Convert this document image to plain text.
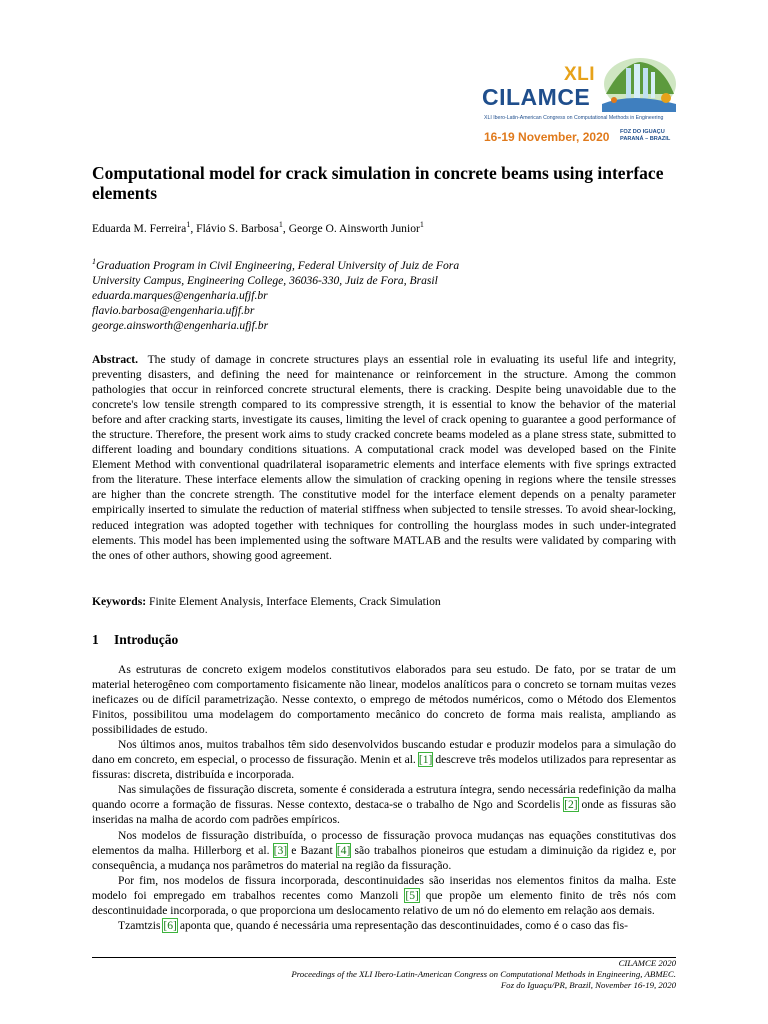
XLI
CILAMCE
XLI Ibero-Latin-American Congress on Computational Methods in Engineering
16-19 November, 2020 FOZ DO IGUAÇU
PARANÁ – BRAZIL
Computational model for crack simulation in concrete beams using interface elements
Eduarda M. Ferreira$^1$, Flávio S. Barbosa$^1$, George O. Ainsworth Junior$^1$
$^1$Graduation Program in Civil Engineering, Federal University of Juiz de Fora
University Campus, Engineering College, 36036-330, Juiz de Fora, Brasil
eduarda.marques@engenharia.ufjf.br
flavio.barbosa@engenharia.ufjf.br
george.ainsworth@engenharia.ufjf.br

Abstract. The study of damage in concrete structures plays an essential role in evaluating its useful life and integrity, preventing disasters, and defining the need for maintenance or reinforcement in the structure. Among the common pathologies that occur in reinforced concrete structural elements, there is cracking. Despite being unavoidable due to the concrete's low tensile strength compared to its compressive strength, it is essential to know the behavior of the material before and after cracking starts, investigate its causes, limiting the level of crack opening to guarantee a good performance of the structure. Therefore, the present work aims to study cracked concrete beams modeled as a plane stress state, submitted to different loading and boundary conditions situations. A computational crack model was developed based on the Finite Element Method with conventional quadrilateral isoparametric elements and interface elements with five springs extracted from the literature. These interface elements allow the simulation of cracking opening in regions where the tensile stresses are higher than the concrete strength. The constitutive model for the interface element depends on a penalty parameter empirically inserted to simulate the reduction of material stiffness when subjected to tensile stresses. To avoid shear-locking, reduced integration was adopted together with techniques for controlling the hourglass modes in such under-integrated elements. This model has been implemented using the software MATLAB and the results were validated by comparing with the ones of other authors, showing good agreement.

Keywords: Finite Element Analysis, Interface Elements, Crack Simulation
1 Introdução

As estruturas de concreto exigem modelos constitutivos elaborados para seu estudo. De fato, por se tratar de um material heterogêneo com comportamento fisicamente não linear, modelos analíticos para o concreto se tornam muitas vezes ineficazes ou de difícil parametrização. Nesse contexto, o emprego de métodos numéricos, como o Método dos Elementos Finitos, possibilitou uma modelagem do comportamento mecânico do concreto de forma mais realista, ampliando as possibilidades de estudo.

Nos últimos anos, muitos trabalhos têm sido desenvolvidos buscando estudar e produzir modelos para a simulação do dano em concreto, em especial, o processo de fissuração. Menin et al. [1] descreve três modelos utilizados para representar as fissuras: discreta, distribuída e incorporada.

Nas simulações de fissuração discreta, somente é considerada a estrutura íntegra, sendo necessária redefinição da malha quando ocorre a formação de fissuras. Nesse contexto, destaca-se o trabalho de Ngo and Scordelis [2] onde as fissuras são inseridas na malha de acordo com padrões empíricos.

Nos modelos de fissuração distribuída, o processo de fissuração provoca mudanças nas equações constitutivas dos elementos da malha. Hillerborg et al. [3] e Bazant [4] são trabalhos pioneiros que estudam a diminuição da rigidez e, por consequência, a mudança nos parâmetros do material na região da fissuração.

Por fim, nos modelos de fissura incorporada, descontinuidades são inseridas nos elementos finitos da malha. Este modelo foi empregado em trabalhos recentes como Manzoli [5] que propõe um elemento finito de três nós com descontinuidade incorporada, o que proporciona um deslocamento relativo de um nó do elemento em relação aos demais.

Tzamtzis [6] aponta que, quando é necessária uma representação das descontinuidades, como é o caso das fis-

CILAMCE 2020
Proceedings of the XLI Ibero-Latin-American Congress on Computational Methods in Engineering, ABMEC.
Foz do Iguaçu/PR, Brazil, November 16-19, 2020
